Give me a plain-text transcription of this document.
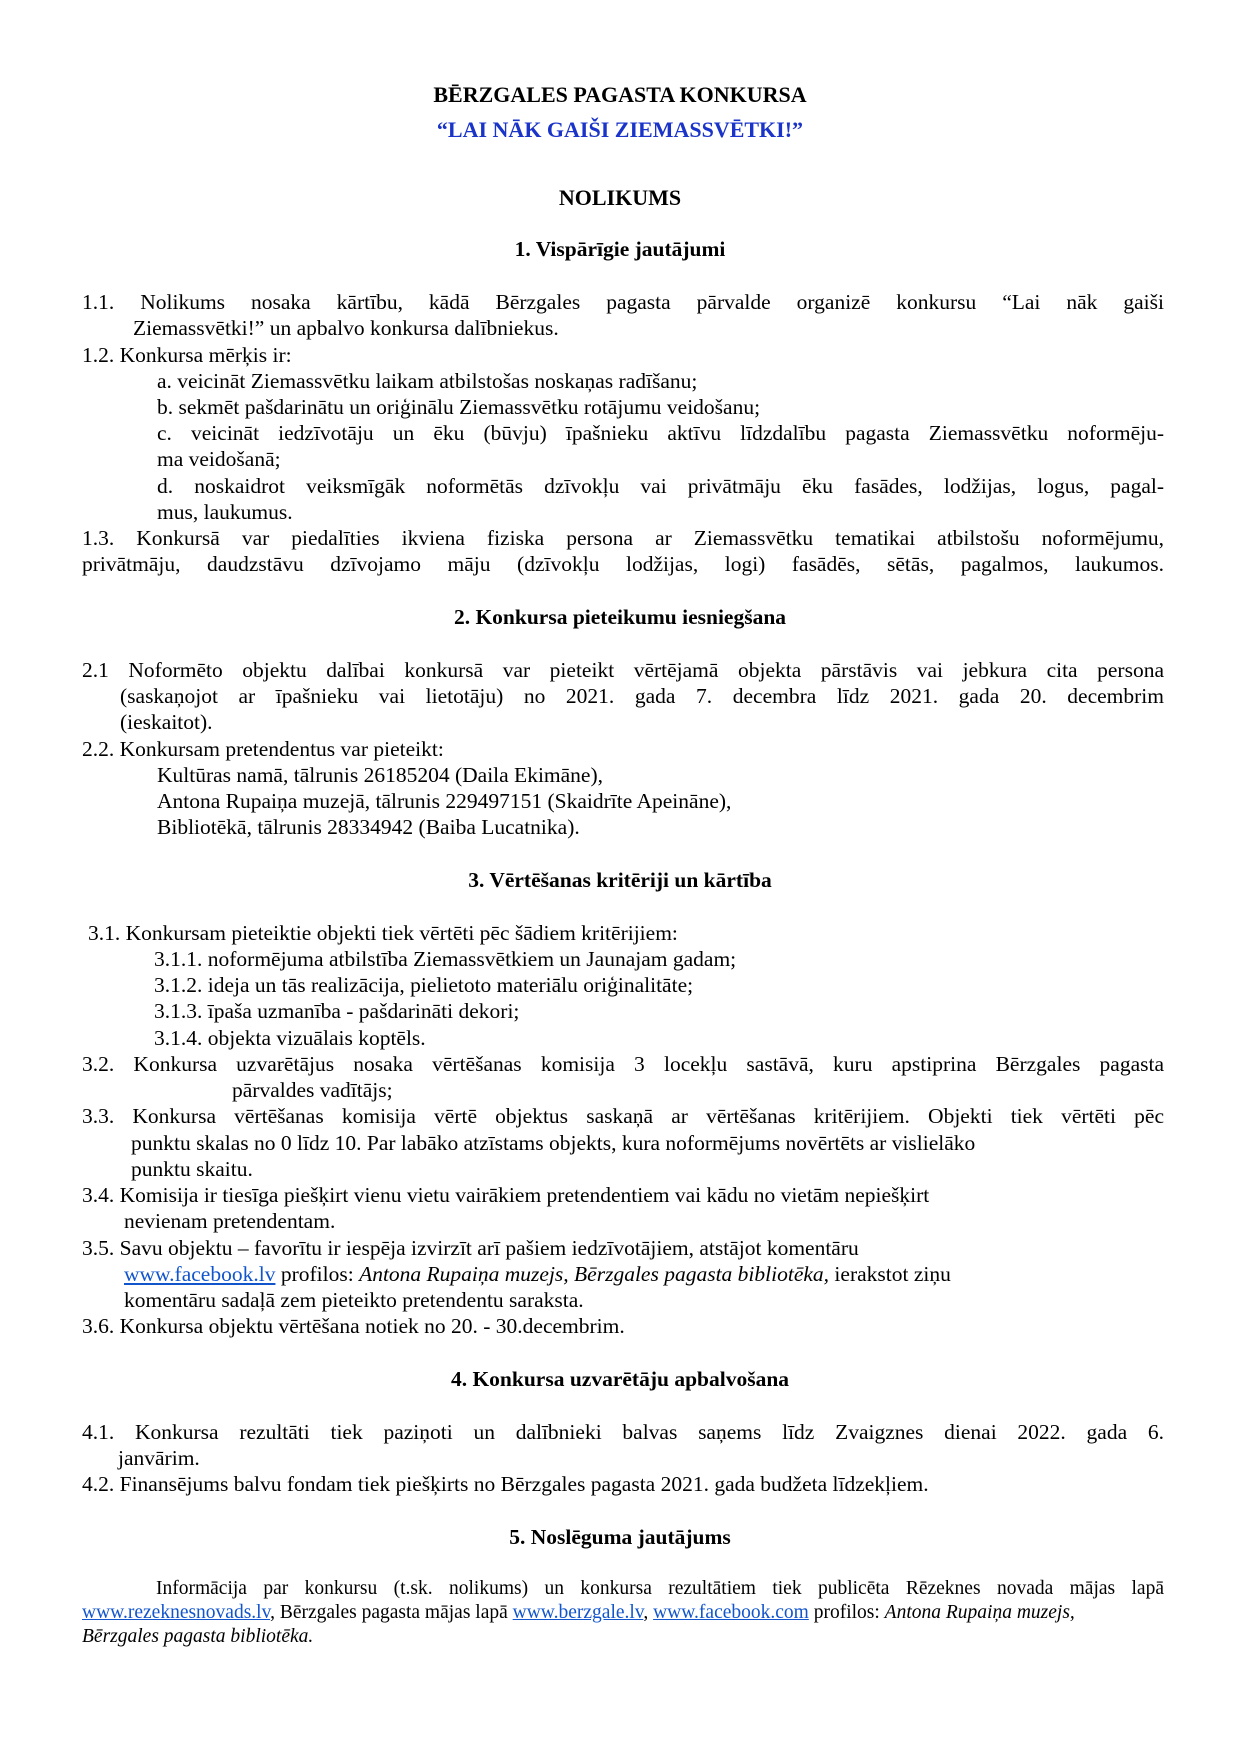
BĒRZGALES PAGASTA KONKURSA
“LAI NĀK GAIŠI ZIEMASSVĒTKI!”
NOLIKUMS
1. Vispārīgie jautājumi
1.1. Nolikums nosaka kārtību, kādā Bērzgales pagasta pārvalde organizē konkursu “Lai nāk gaiši
Ziemassvētki!” un apbalvo konkursa dalībniekus.
1.2. Konkursa mērķis ir:
a. veicināt Ziemassvētku laikam atbilstošas noskaņas radīšanu;
b. sekmēt pašdarinātu un oriģinālu Ziemassvētku rotājumu veidošanu;
c. veicināt iedzīvotāju un ēku (būvju) īpašnieku aktīvu līdzdalību pagasta Ziemassvētku noformēju-
ma veidošanā;
d. noskaidrot veiksmīgāk noformētās dzīvokļu vai privātmāju ēku fasādes, lodžijas, logus, pagal-
mus, laukumus.
1.3. Konkursā var piedalīties ikviena fiziska persona ar Ziemassvētku tematikai atbilstošu noformējumu,
privātmāju, daudzstāvu dzīvojamo māju (dzīvokļu lodžijas, logi) fasādēs, sētās, pagalmos, laukumos.
2. Konkursa pieteikumu iesniegšana
2.1 Noformēto objektu dalībai konkursā var pieteikt vērtējamā objekta pārstāvis vai jebkura cita persona
(saskaņojot ar īpašnieku vai lietotāju) no 2021. gada 7. decembra līdz 2021. gada 20. decembrim
(ieskaitot).
2.2. Konkursam pretendentus var pieteikt:
Kultūras namā, tālrunis 26185204 (Daila Ekimāne),
Antona Rupaiņa muzejā, tālrunis 229497151 (Skaidrīte Apeināne),
Bibliotēkā, tālrunis 28334942 (Baiba Lucatnika).
3. Vērtēšanas kritēriji un kārtība
3.1. Konkursam pieteiktie objekti tiek vērtēti pēc šādiem kritērijiem:
3.1.1. noformējuma atbilstība Ziemassvētkiem un Jaunajam gadam;
3.1.2. ideja un tās realizācija, pielietoto materiālu oriģinalitāte;
3.1.3. īpaša uzmanība - pašdarināti dekori;
3.1.4. objekta vizuālais koptēls.
3.2. Konkursa uzvarētājus nosaka vērtēšanas komisija 3 locekļu sastāvā, kuru apstiprina Bērzgales pagasta
pārvaldes vadītājs;
3.3. Konkursa vērtēšanas komisija vērtē objektus saskaņā ar vērtēšanas kritērijiem. Objekti tiek vērtēti pēc
punktu skalas no 0 līdz 10. Par labāko atzīstams objekts, kura noformējums novērtēts ar vislielāko
punktu skaitu.
3.4. Komisija ir tiesīga piešķirt vienu vietu vairākiem pretendentiem vai kādu no vietām nepiešķirt
nevienam pretendentam.
3.5. Savu objektu – favorītu ir iespēja izvirzīt arī pašiem iedzīvotājiem, atstājot komentāru
www.facebook.lv profilos: Antona Rupaiņa muzejs, Bērzgales pagasta bibliotēka, ierakstot ziņu
komentāru sadaļā zem pieteikto pretendentu saraksta.
3.6. Konkursa objektu vērtēšana notiek no 20. - 30.decembrim.
4. Konkursa uzvarētāju apbalvošana
4.1. Konkursa rezultāti tiek paziņoti un dalībnieki balvas saņems līdz Zvaigznes dienai 2022. gada 6.
janvārim.
4.2. Finansējums balvu fondam tiek piešķirts no Bērzgales pagasta 2021. gada budžeta līdzekļiem.
5. Noslēguma jautājums
Informācija par konkursu (t.sk. nolikums) un konkursa rezultātiem tiek publicēta Rēzeknes novada mājas lapā
www.rezeknesnovads.lv, Bērzgales pagasta mājas lapā www.berzgale.lv, www.facebook.com profilos: Antona Rupaiņa muzejs,
Bērzgales pagasta bibliotēka.
